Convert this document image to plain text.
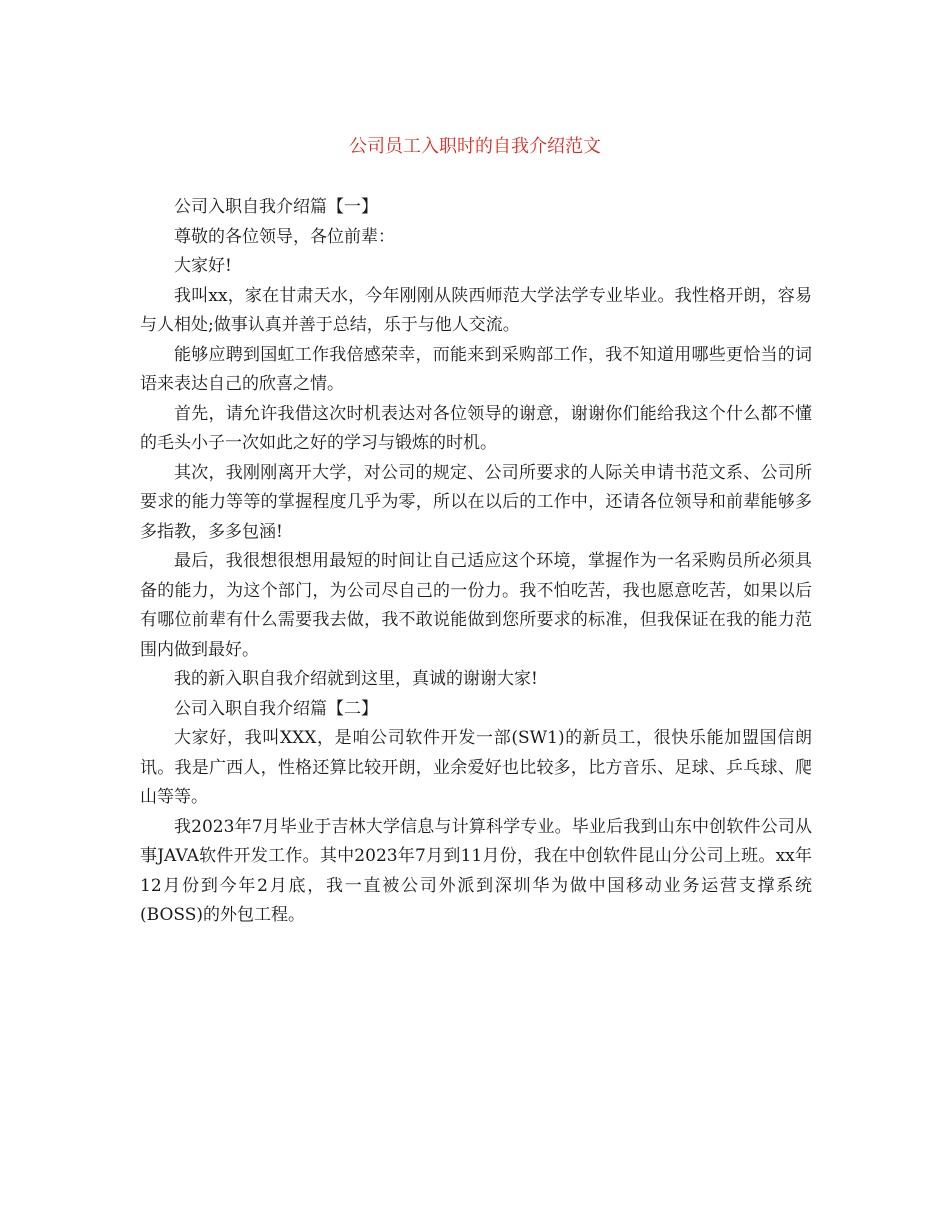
公司员工入职时的自我介绍范文

公司入职自我介绍篇【一】

尊敬的各位领导，各位前辈：

大家好!

我叫xx，家在甘肃天水，今年刚刚从陕西师范大学法学专业毕业。我性格开朗，容易与人相处;做事认真并善于总结，乐于与他人交流。

能够应聘到国虹工作我倍感荣幸，而能来到采购部工作，我不知道用哪些更恰当的词语来表达自己的欣喜之情。

首先，请允许我借这次时机表达对各位领导的谢意，谢谢你们能给我这个什么都不懂的毛头小子一次如此之好的学习与锻炼的时机。

其次，我刚刚离开大学，对公司的规定、公司所要求的人际关申请书范文系、公司所要求的能力等等的掌握程度几乎为零，所以在以后的工作中，还请各位领导和前辈能够多多指教，多多包涵!

最后，我很想很想用最短的时间让自己适应这个环境，掌握作为一名采购员所必须具备的能力，为这个部门，为公司尽自己的一份力。我不怕吃苦，我也愿意吃苦，如果以后有哪位前辈有什么需要我去做，我不敢说能做到您所要求的标准，但我保证在我的能力范围内做到最好。

我的新入职自我介绍就到这里，真诚的谢谢大家!

公司入职自我介绍篇【二】

大家好，我叫XXX，是咱公司软件开发一部(SW1)的新员工，很快乐能加盟国信朗讯。我是广西人，性格还算比较开朗，业余爱好也比较多，比方音乐、足球、乒乓球、爬山等等。

我2023年7月毕业于吉林大学信息与计算科学专业。毕业后我到山东中创软件公司从事JAVA软件开发工作。其中2023年7月到11月份，我在中创软件昆山分公司上班。xx年12月份到今年2月底，我一直被公司外派到深圳华为做中国移动业务运营支撑系统(BOSS)的外包工程。
